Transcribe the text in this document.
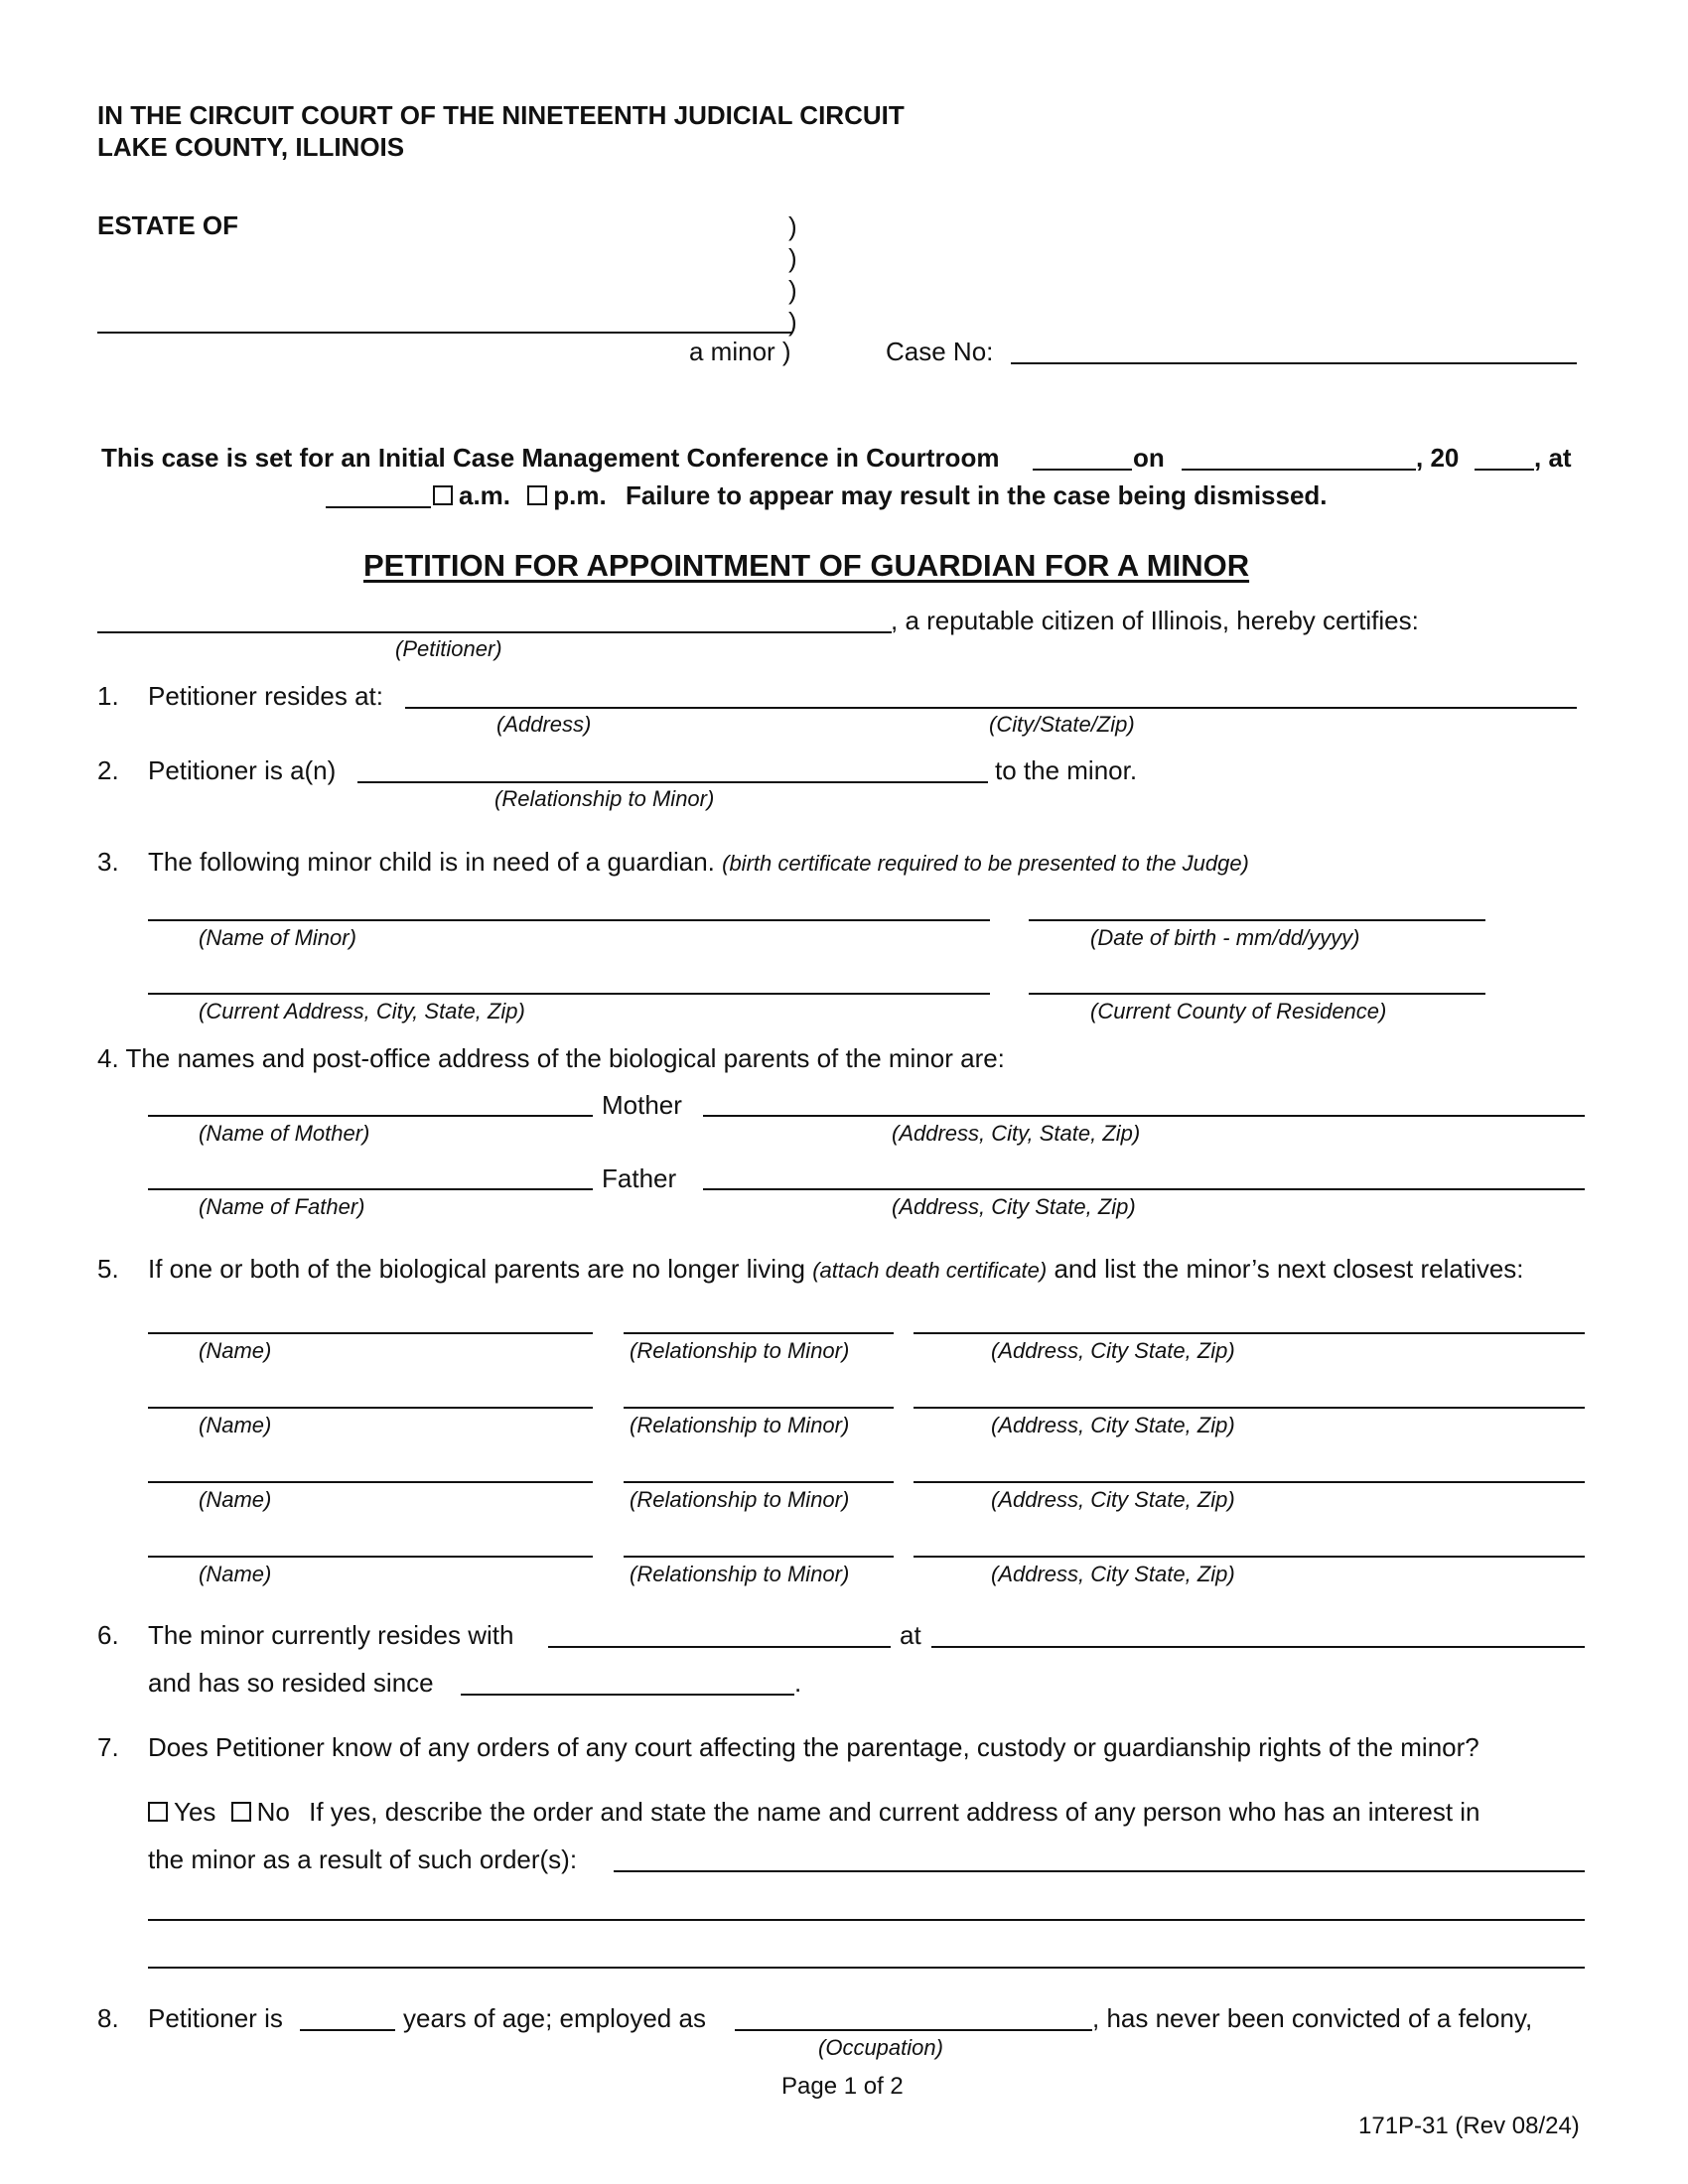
IN THE CIRCUIT COURT OF THE NINETEENTH JUDICIAL CIRCUIT
LAKE COUNTY, ILLINOIS
ESTATE OF	)
)
)
)
a minor )	Case No:
This case is set for an Initial Case Management Conference in Courtroom	on	, 20	, at
a.m. p.m. Failure to appear may result in the case being dismissed.
PETITION FOR APPOINTMENT OF GUARDIAN FOR A MINOR
, a reputable citizen of Illinois, hereby certifies:
(Petitioner)
1. Petitioner resides at:
(Address)	(City/State/Zip)
2. Petitioner is a(n)	to the minor.
(Relationship to Minor)
3. The following minor child is in need of a guardian. (birth certificate required to be presented to the Judge)
(Name of Minor)	(Date of birth - mm/dd/yyyy)
(Current Address, City, State, Zip)	(Current County of Residence)
4. The names and post-office address of the biological parents of the minor are:
Mother
(Name of Mother)	(Address, City, State, Zip)
Father
(Name of Father)	(Address, City State, Zip)
5. If one or both of the biological parents are no longer living (attach death certificate) and list the minor’s next closest relatives:
(Name)	(Relationship to Minor)	(Address, City State, Zip)
(Name)	(Relationship to Minor)	(Address, City State, Zip)
(Name)	(Relationship to Minor)	(Address, City State, Zip)
(Name)	(Relationship to Minor)	(Address, City State, Zip)
6. The minor currently resides with	at
and has so resided since	.
7. Does Petitioner know of any orders of any court affecting the parentage, custody or guardianship rights of the minor?
Yes No If yes, describe the order and state the name and current address of any person who has an interest in
the minor as a result of such order(s):
8. Petitioner is	years of age; employed as	, has never been convicted of a felony,
(Occupation)
Page 1 of 2
171P-31 (Rev 08/24)
